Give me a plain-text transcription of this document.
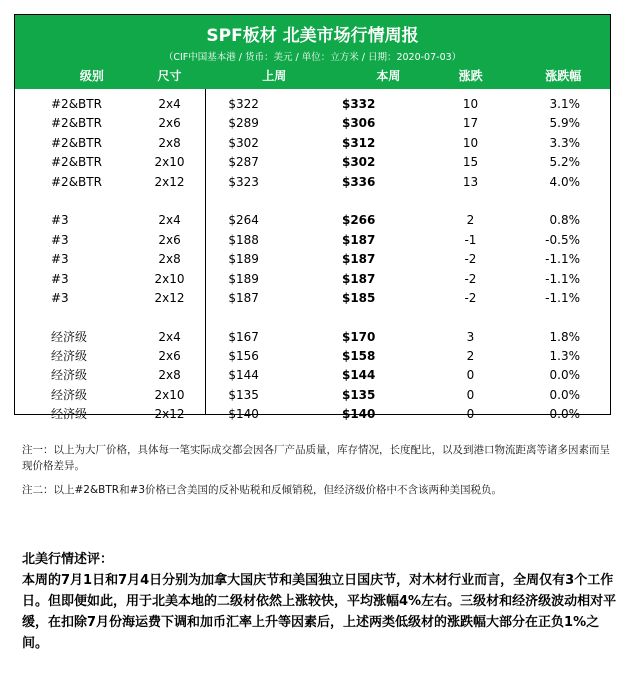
SPF板材 北美市场行情周报
（CIF中国基本港 / 货币：美元 / 单位：立方米 / 日期：2020-07-03）
级别	尺寸	上周	本周	涨跌	涨跌幅
#2&BTR	2x4	$322	$332	10	3.1%
#2&BTR	2x6	$289	$306	17	5.9%
#2&BTR	2x8	$302	$312	10	3.3%
#2&BTR	2x10	$287	$302	15	5.2%
#2&BTR	2x12	$323	$336	13	4.0%
#3	2x4	$264	$266	2	0.8%
#3	2x6	$188	$187	-1	-0.5%
#3	2x8	$189	$187	-2	-1.1%
#3	2x10	$189	$187	-2	-1.1%
#3	2x12	$187	$185	-2	-1.1%
经济级	2x4	$167	$170	3	1.8%
经济级	2x6	$156	$158	2	1.3%
经济级	2x8	$144	$144	0	0.0%
经济级	2x10	$135	$135	0	0.0%
经济级	2x12	$140	$140	0	0.0%
注一：以上为大厂价格，具体每一笔实际成交都会因各厂产品质量，库存情况，长度配比，以及到港口物流距离等诸多因素而呈现价格差异。
注二：以上#2&BTR和#3价格已含美国的反补贴税和反倾销税，但经济级价格中不含该两种美国税负。
北美行情述评：
本周的7月1日和7月4日分别为加拿大国庆节和美国独立日国庆节，对木材行业而言，全周仅有3个工作日。但即便如此，用于北美本地的二级材依然上涨较快，平均涨幅4%左右。三级材和经济级波动相对平缓，在扣除7月份海运费下调和加币汇率上升等因素后，上述两类低级材的涨跌幅大部分在正负1%之间。
